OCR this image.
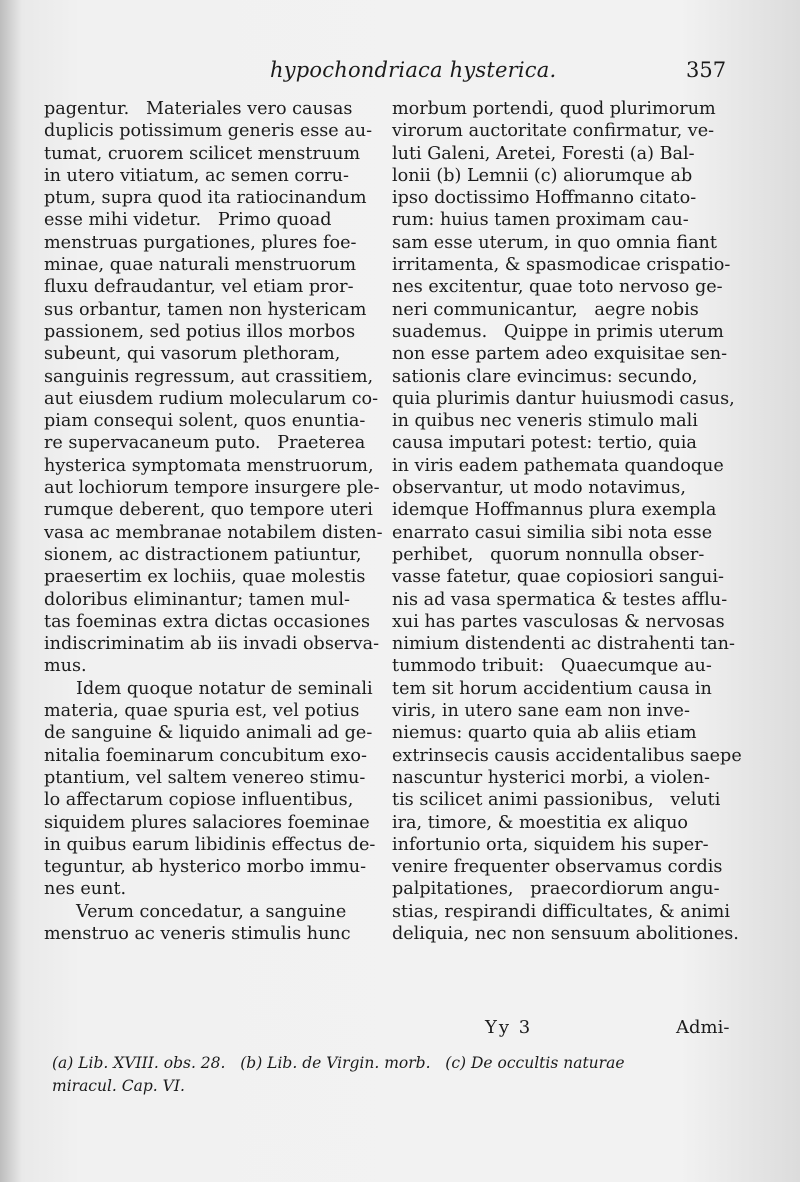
hypochondriaca hysterica.	357
pagentur.   Materiales vero causas
duplicis potissimum generis esse au-
tumat, cruorem scilicet menstruum
in utero vitiatum, ac semen corru-
ptum, supra quod ita ratiocinandum
esse mihi videtur.   Primo quoad
menstruas purgationes, plures foe-
minae, quae naturali menstruorum
fluxu defraudantur, vel etiam pror-
sus orbantur, tamen non hystericam
passionem, sed potius illos morbos
subeunt, qui vasorum plethoram,
sanguinis regressum, aut crassitiem,
aut eiusdem rudium molecularum co-
piam consequi solent, quos enuntia-
re supervacaneum puto.   Praeterea
hysterica symptomata menstruorum,
aut lochiorum tempore insurgere ple-
rumque deberent, quo tempore uteri
vasa ac membranae notabilem disten-
sionem, ac distractionem patiuntur,
praesertim ex lochiis, quae molestis
doloribus eliminantur; tamen mul-
tas foeminas extra dictas occasiones
indiscriminatim ab iis invadi observa-
mus.
Idem quoque notatur de seminali
materia, quae spuria est, vel potius
de sanguine & liquido animali ad ge-
nitalia foeminarum concubitum exo-
ptantium, vel saltem venereo stimu-
lo affectarum copiose influentibus,
siquidem plures salaciores foeminae
in quibus earum libidinis effectus de-
teguntur, ab hysterico morbo immu-
nes eunt.
Verum concedatur, a sanguine
menstruo ac veneris stimulis hunc
morbum portendi, quod plurimorum
virorum auctoritate confirmatur, ve-
luti Galeni, Aretei, Foresti (a) Bal-
lonii (b) Lemnii (c) aliorumque ab
ipso doctissimo Hoffmanno citato-
rum: huius tamen proximam cau-
sam esse uterum, in quo omnia fiant
irritamenta, & spasmodicae crispatio-
nes excitentur, quae toto nervoso ge-
neri communicantur,   aegre nobis
suademus.   Quippe in primis uterum
non esse partem adeo exquisitae sen-
sationis clare evincimus: secundo,
quia plurimis dantur huiusmodi casus,
in quibus nec veneris stimulo mali
causa imputari potest: tertio, quia
in viris eadem pathemata quandoque
observantur, ut modo notavimus,
idemque Hoffmannus plura exempla
enarrato casui similia sibi nota esse
perhibet,   quorum nonnulla obser-
vasse fatetur, quae copiosiori sangui-
nis ad vasa spermatica & testes afflu-
xui has partes vasculosas & nervosas
nimium distendenti ac distrahenti tan-
tummodo tribuit:   Quaecumque au-
tem sit horum accidentium causa in
viris, in utero sane eam non inve-
niemus: quarto quia ab aliis etiam
extrinsecis causis accidentalibus saepe
nascuntur hysterici morbi, a violen-
tis scilicet animi passionibus,   veluti
ira, timore, & moestitia ex aliquo
infortunio orta, siquidem his super-
venire frequenter observamus cordis
palpitationes,   praecordiorum angu-
stias, respirandi difficultates, & animi
deliquia, nec non sensuum abolitiones.
Yy 3	Admi-
(a) Lib. XVIII. obs. 28.   (b) Lib. de Virgin. morb.   (c) De occultis naturae
miracul. Cap. VI.
